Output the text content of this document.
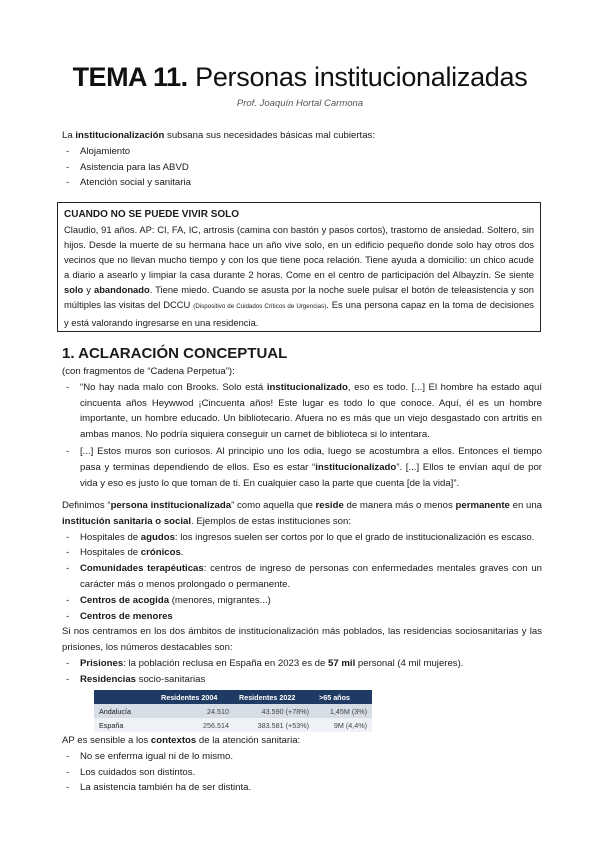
TEMA 11. Personas institucionalizadas
Prof. Joaquín Hortal Carmona
La institucionalización subsana sus necesidades básicas mal cubiertas:
- Alojamiento
- Asistencia para las ABVD
- Atención social y sanitaria
CUANDO NO SE PUEDE VIVIR SOLO
Claudio, 91 años. AP: CI, FA, IC, artrosis (camina con bastón y pasos cortos), trastorno de ansiedad. Soltero, sin hijos. Desde la muerte de su hermana hace un año vive solo, en un edificio pequeño donde solo hay otros dos vecinos que no llevan mucho tiempo y con los que tiene poca relación. Tiene ayuda a domicilio: un chico acude a diario a asearlo y limpiar la casa durante 2 horas. Come en el centro de participación del Albayzín. Se siente solo y abandonado. Tiene miedo. Cuando se asusta por la noche suele pulsar el botón de teleasistencia y son múltiples las visitas del DCCU (Dispositivo de Cuidados Críticos de Urgencias). Es una persona capaz en la toma de decisiones y está valorando ingresarse en una residencia.
1. ACLARACIÓN CONCEPTUAL
(con fragmentos de “Cadena Perpetua”):
- “No hay nada malo con Brooks. Solo está institucionalizado, eso es todo. [...] El hombre ha estado aquí cincuenta años Heywwod ¡Cincuenta años! Este lugar es todo lo que conoce. Aquí, él es un hombre importante, un hombre educado. Un bibliotecario. Afuera no es más que un viejo desgastado con artritis en ambas manos. No podría siquiera conseguir un carnet de biblioteca si lo intentara.
- [...] Estos muros son curiosos. Al principio uno los odia, luego se acostumbra a ellos. Entonces el tiempo pasa y terminas dependiendo de ellos. Eso es estar “institucionalizado”. [...] Ellos te envían aquí de por vida y eso es justo lo que toman de ti. En cualquier caso la parte que cuenta [de la vida]”.
Definimos “persona institucionalizada” como aquella que reside de manera más o menos permanente en una institución sanitaria o social. Ejemplos de estas instituciones son:
- Hospitales de agudos: los ingresos suelen ser cortos por lo que el grado de institucionalización es escaso.
- Hospitales de crónicos.
- Comunidades terapéuticas: centros de ingreso de personas con enfermedades mentales graves con un carácter más o menos prolongado o permanente.
- Centros de acogida (menores, migrantes...)
- Centros de menores
Si nos centramos en los dos ámbitos de institucionalización más poblados, las residencias sociosanitarias y las prisiones, los números destacables son:
- Prisiones: la población reclusa en España en 2023 es de 57 mil personal (4 mil mujeres).
- Residencias socio-sanitarias
	Residentes 2004	Residentes 2022	>65 años
Andalucía	24.510	43.590 (+78%)	1,45M (3%)
España	256.514	383.581 (+53%)	9M (4,4%)
AP es sensible a los contextos de la atención sanitaria:
- No se enferma igual ni de lo mismo.
- Los cuidados son distintos.
- La asistencia también ha de ser distinta.
